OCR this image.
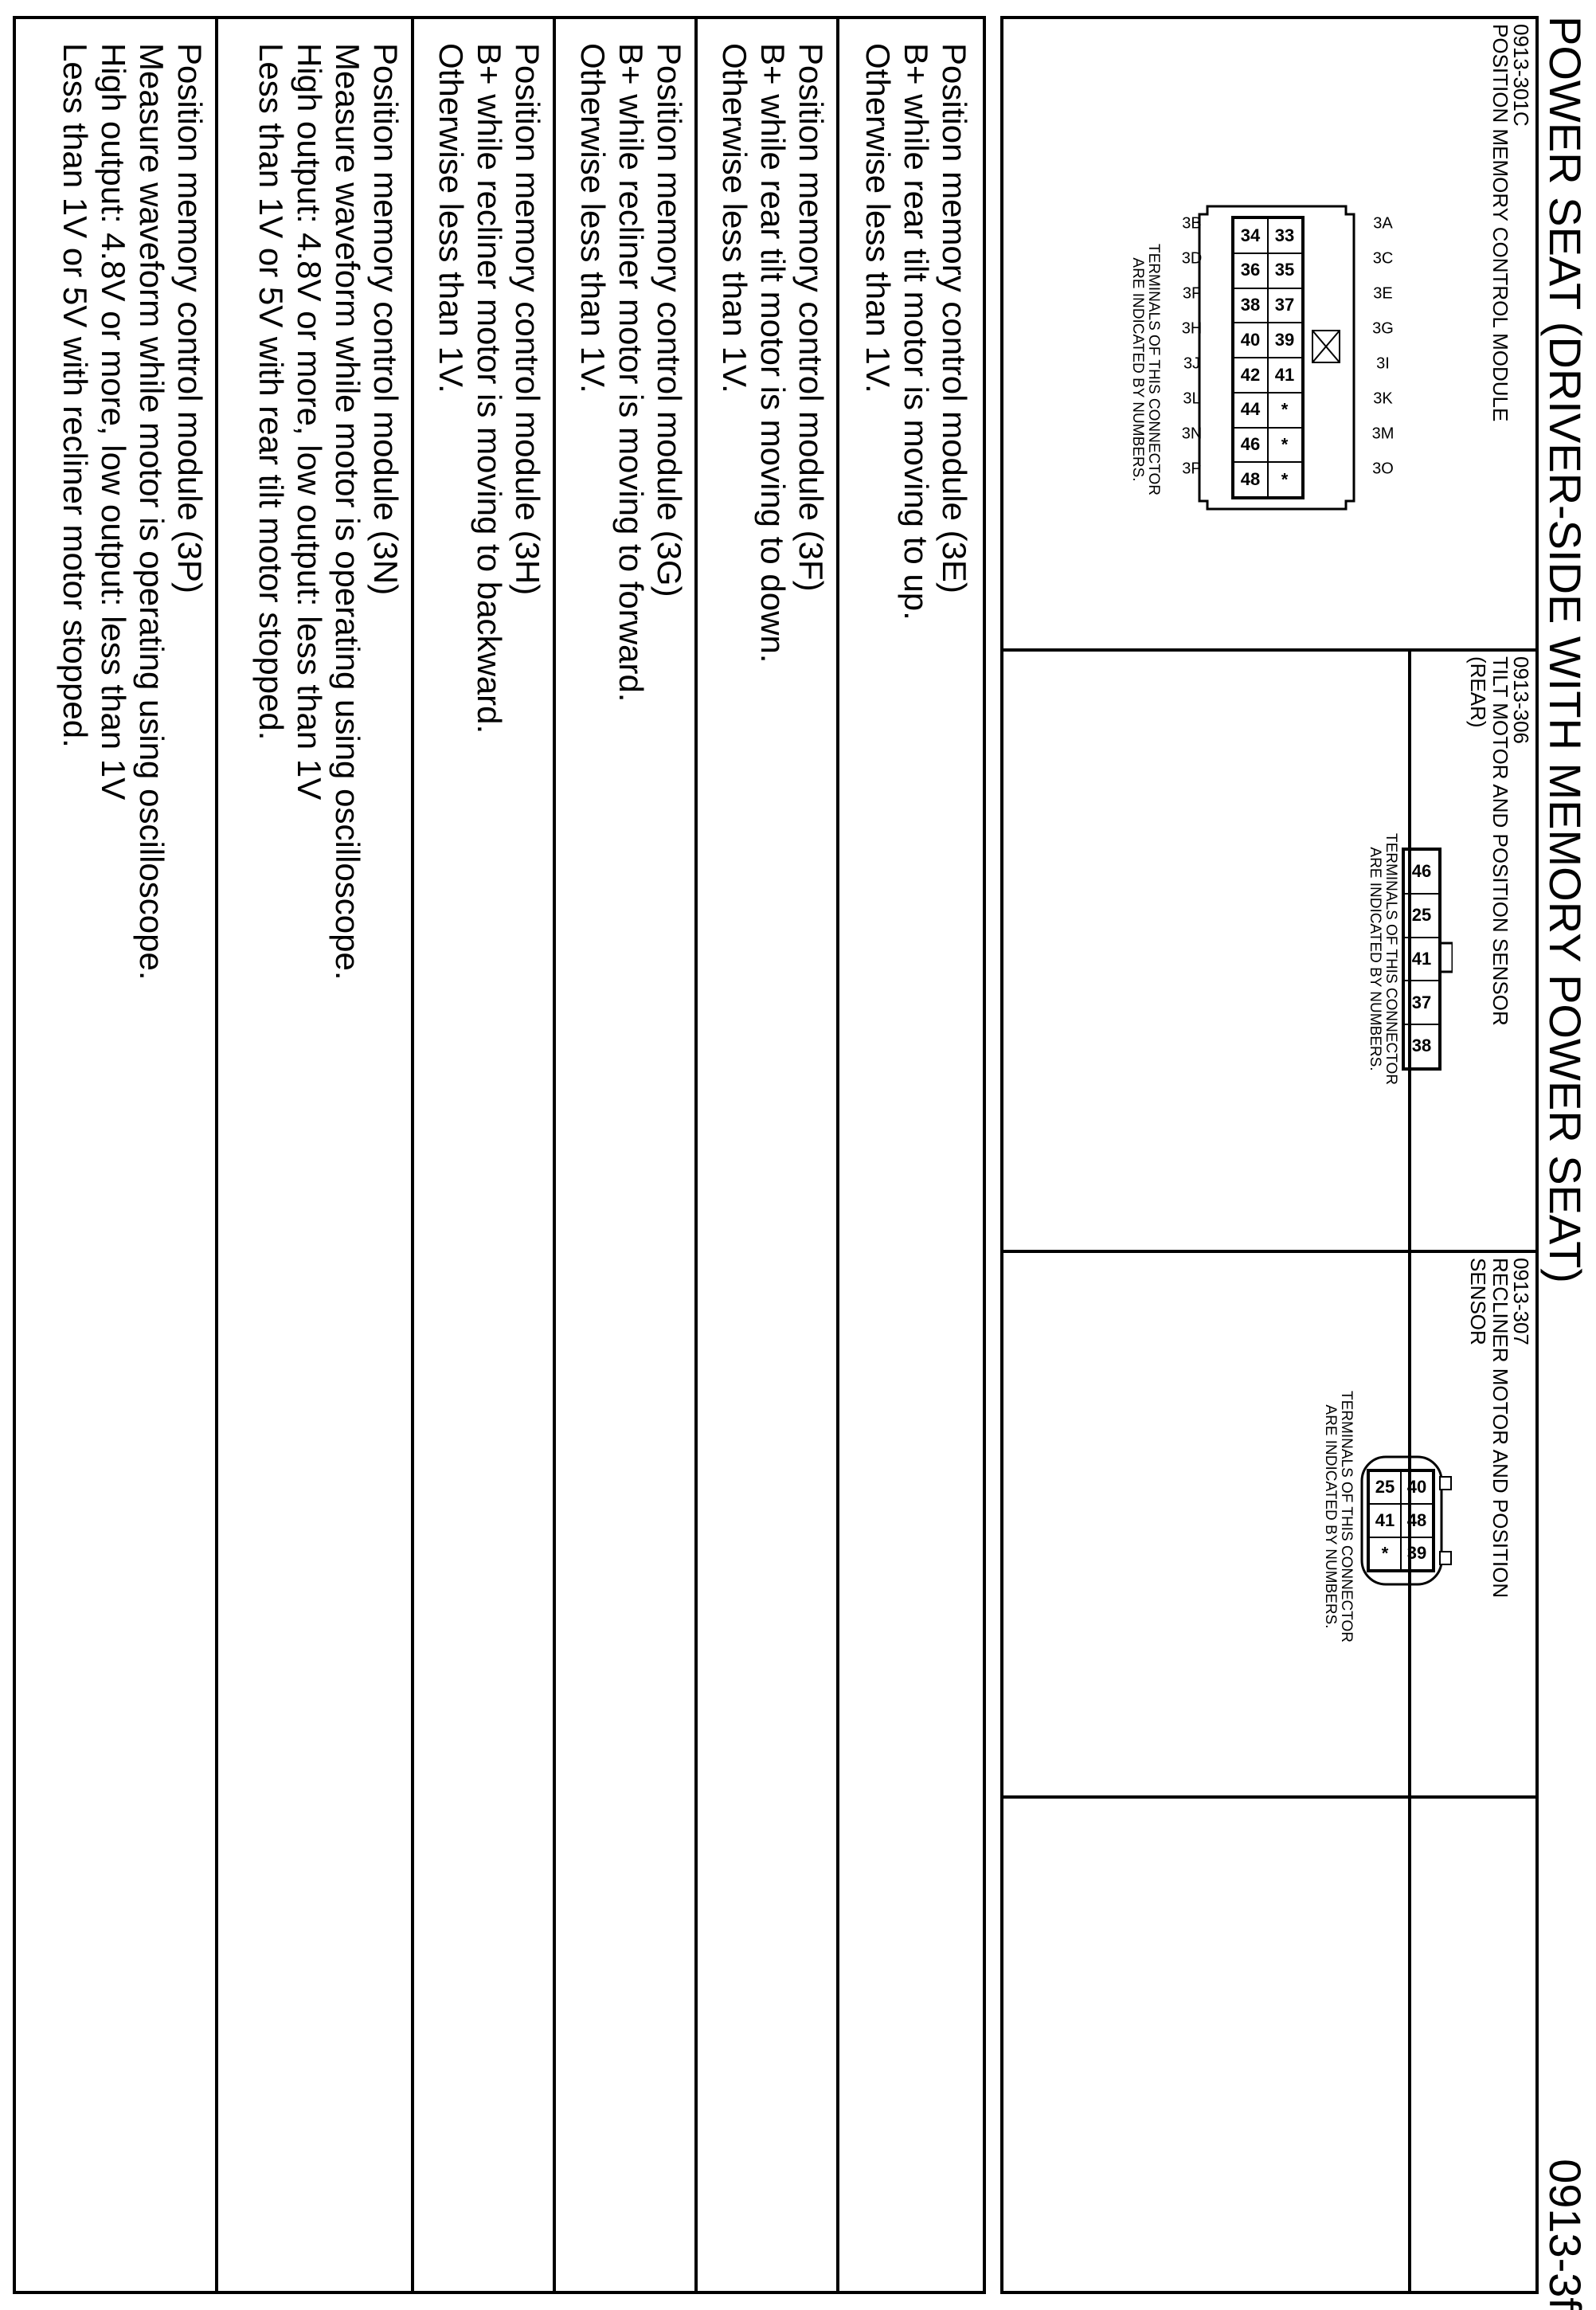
POWER SEAT (DRIVER-SIDE WITH MEMORY POWER SEAT)
0913-3f
0913-301C
POSITION MEMORY CONTROL MODULE
3A
3C
3E
3G
3I
3K
3M
3O
33
35
37
39
41
*
*
*
34
36
38
40
42
44
46
48
3B
3D
3F
3H
3J
3L
3N
3P
TERMINALS OF THIS CONNECTOR
ARE INDICATED BY NUMBERS.
0913-306
TILT MOTOR AND POSITION SENSOR
(REAR)
46
25
41
37
38
TERMINALS OF THIS CONNECTOR
ARE INDICATED BY NUMBERS.
0913-307
RECLINER MOTOR AND POSITION
SENSOR
40
48
39
25
41
*
TERMINALS OF THIS CONNECTOR
ARE INDICATED BY NUMBERS.
Position memory control module (3E)
B+ while rear tilt motor is moving to up.
Otherwise less than 1V.
Position memory control module (3F)
B+ while rear tilt motor is moving to down.
Otherwise less than 1V.
Position memory control module (3G)
B+ while recliner motor is moving to forward.
Otherwise less than 1V.
Position memory control module (3H)
B+ while recliner motor is moving to backward.
Otherwise less than 1V.
Position memory control module (3N)
Measure waveform while motor is operating using oscilloscope.
High output: 4.8V or more, low output: less than 1V
Less than 1V or 5V with rear tilt motor stopped.
Position memory control module (3P)
Measure waveform while motor is operating using oscilloscope.
High output: 4.8V or more, low output: less than 1V
Less than 1V or 5V with recliner motor stopped.
